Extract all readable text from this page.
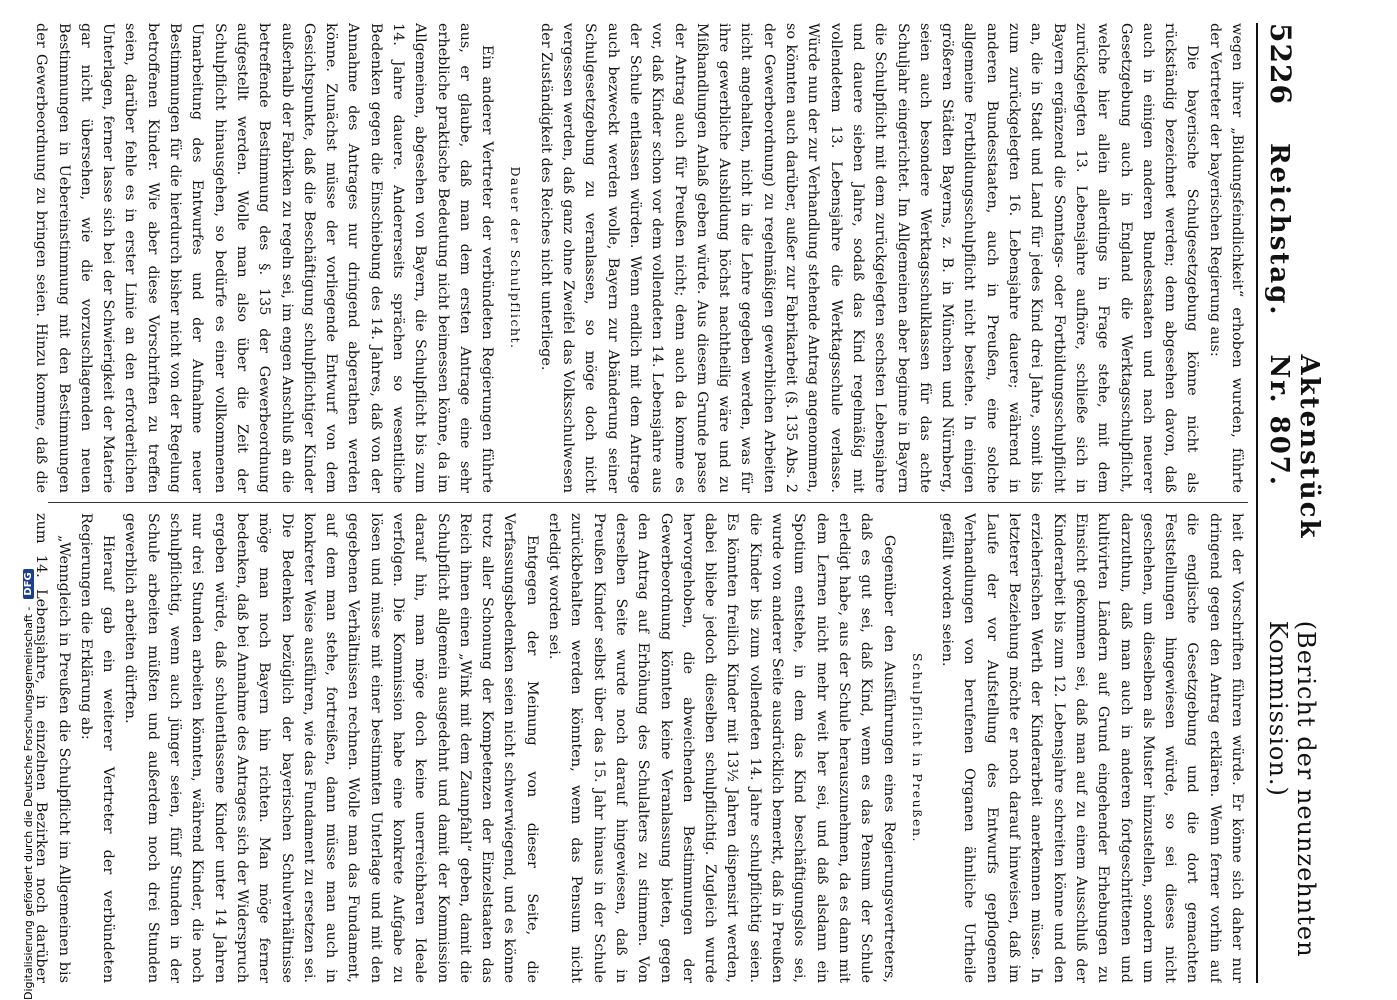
5226
Reichstag.
Aktenstück Nr. 807.
(Bericht der neunzehnten Kommission.)

wegen ihrer „Bildungsfeindlichkeit“ erhoben wurden, führte der Vertreter der bayerischen Regierung aus:

Die bayerische Schulgesetzgebung könne nicht als rückständig bezeichnet werden; denn abgesehen davon, daß auch in einigen anderen Bundesstaaten und nach neuerer Gesetzgebung auch in England die Werktagsschulpflicht, welche hier allein allerdings in Frage stehe, mit dem zurückgelegten 13. Lebensjahre aufhöre, schließe sich in Bayern ergänzend die Sonntags- oder Fortbildungsschulpflicht an, die in Stadt und Land für jedes Kind drei Jahre, somit bis zum zurückgelegten 16. Lebensjahre dauere; während in anderen Bundesstaaten, auch in Preußen, eine solche allgemeine Fortbildungsschulpflicht nicht bestehe. In einigen größeren Städten Bayerns, z. B. in München und Nürnberg, seien auch besondere Werktagsschulklassen für das achte Schuljahr eingerichtet. Im Allgemeinen aber beginne in Bayern die Schulpflicht mit dem zurückgelegten sechsten Lebensjahre und dauere sieben Jahre, sodaß das Kind regelmäßig mit vollendetem 13. Lebensjahre die Werktagsschule verlasse. Würde nun der zur Verhandlung stehende Antrag angenommen, so könnten auch darüber, außer zur Fabrikarbeit (§. 135 Abs. 2 der Gewerbeordnung) zu regelmäßigen gewerblichen Arbeiten nicht angehalten, nicht in die Lehre gegeben werden, was für ihre gewerbliche Ausbildung höchst nachtheilig wäre und zu Mißhandlungen Anlaß geben würde. Aus diesem Grunde passe der Antrag auch für Preußen nicht; denn auch da komme es vor, daß Kinder schon vor dem vollendeten 14. Lebensjahre aus der Schule entlassen würden. Wenn endlich mit dem Antrage auch bezweckt werden wolle, Bayern zur Abänderung seiner Schulgesetzgebung zu veranlassen, so möge doch nicht vergessen werden, daß ganz ohne Zweifel das Volksschulwesen der Zuständigkeit des Reiches nicht unterliege.

Dauer der Schulpflicht.

Ein anderer Vertreter der verbündeten Regierungen führte aus, er glaube, daß man dem ersten Antrage eine sehr erhebliche praktische Bedeutung nicht beimessen könne, da im Allgemeinen, abgesehen von Bayern, die Schulpflicht bis zum 14. Jahre dauere. Andererseits sprächen so wesentliche Bedenken gegen die Einschiebung des 14. Jahres, daß von der Annahme des Antrages nur dringend abgerathen werden könne. Zunächst müsse der vorliegende Entwurf von dem Gesichtspunkte, daß die Beschäftigung schulpflichtiger Kinder außerhalb der Fabriken zu regeln sei, im engen Anschluß an die betreffende Bestimmung des §. 135 der Gewerbeordnung aufgestellt werden. Wolle man also über die Zeit der Schulpflicht hinausgehen, so bedürfe es einer vollkommenen Umarbeitung des Entwurfes und der Aufnahme neuer Bestimmungen für die hierdurch bisher nicht von der Regelung betroffenen Kinder. Wie aber diese Vorschriften zu treffen seien, darüber fehle es in erster Linie an den erforderlichen Unterlagen, ferner lasse sich bei der Schwierigkeit der Materie gar nicht übersehen, wie die vorzuschlagenden neuen Bestimmungen in Uebereinstimmung mit den Bestimmungen der Gewerbeordnung zu bringen seien. Hinzu komme, daß die

heit der Vorschriften führen würde. Er könne sich daher nur dringend gegen den Antrag erklären. Wenn ferner vorhin auf die englische Gesetzgebung und die dort gemachten Feststellungen hingewiesen würde, so sei dieses nicht geschehen, um dieselben als Muster hinzustellen, sondern um darzuthun, daß man auch in anderen fortgeschrittenen und kultivirten Ländern auf Grund eingehender Erhebungen zu Einsicht gekommen sei, daß man auf zu einem Ausschluß der Kinderarbeit bis zum 12. Lebensjahre schreiten könne und den erzieherischen Werth der Kinderarbeit anerkennen müsse. In letzterer Beziehung möchte er noch darauf hinweisen, daß im Laufe der vor Aufstellung des Entwurfs gepflogenen Verhandlungen von berufenen Organen ähnliche Urtheile gefällt worden seien.

Schulpflicht in Preußen.

Gegenüber den Ausführungen eines Regierungsvertreters, daß es gut sei, daß Kind, wenn es das Pensum der Schule erledigt habe, aus der Schule herauszunehmen, da es dann mit dem Lernen nicht mehr weit her sei, und daß alsdann ein Spotium entstehe, in dem das Kind beschäftigungslos sei, wurde von anderer Seite ausdrücklich bemerkt, daß in Preußen die Kinder bis zum vollendeten 14. Jahre schulpflichtig seien. Es könnten freilich Kinder mit 13½ Jahren dispensirt werden, dabei bliebe jedoch dieselben schulpflichtig. Zugleich wurde hervorgehoben, die abweichenden Bestimmungen der Gewerbeordnung könnten keine Veranlassung bieten, gegen den Antrag auf Erhöhung des Schulalters zu stimmen. Von derselben Seite wurde noch darauf hingewiesen, daß in Preußen Kinder selbst über das 15. Jahr hinaus in der Schule zurückbehalten werden könnten, wenn das Pensum nicht erledigt worden sei.

Entgegen der Meinung von dieser Seite, die Verfassungsbedenken seien nicht schwerwiegend, und es könne trotz aller Schonung der Kompetenzen der Einzelstaaten das Reich ihnen einen „Wink mit dem Zaunpfahl“ geben, damit die Schulpflicht allgemein ausgedehnt und damit der Kommission darauf hin, man möge doch keine unerreichbaren Ideale verfolgen. Die Kommission habe eine konkrete Aufgabe zu lösen und müsse mit einer bestimmten Unterlage und mit den gegebenen Verhältnissen rechnen. Wolle man das Fundament, auf dem man stehe, fortreißen, dann müsse man auch in konkreter Weise ausführen, wie das Fundament zu ersetzen sei. Die Bedenken bezüglich der bayerischen Schulverhältnisse möge man noch Bayern hin richten. Man möge ferner bedenken, daß bei Annahme des Antrages sich der Widerspruch ergeben würde, daß schulentlassene Kinder unter 14 Jahren nur drei Stunden arbeiten könnten, während Kinder, die noch schulpflichtig, wenn auch jünger seien, fünf Stunden in der Schule arbeiten müßten und außerdem noch drei Stunden gewerblich arbeiten dürften.

Hierauf gab ein weiterer Vertreter der verbündeten Regierungen die Erklärung ab:

„Wenngleich in Preußen die Schulpflicht im Allgemeinen bis zum 14. Lebensjahre, in einzelnen Bezirken noch darüber

Digitalisierung gefördert durch die Deutsche Forschungsgemeinschaft -
DFG
